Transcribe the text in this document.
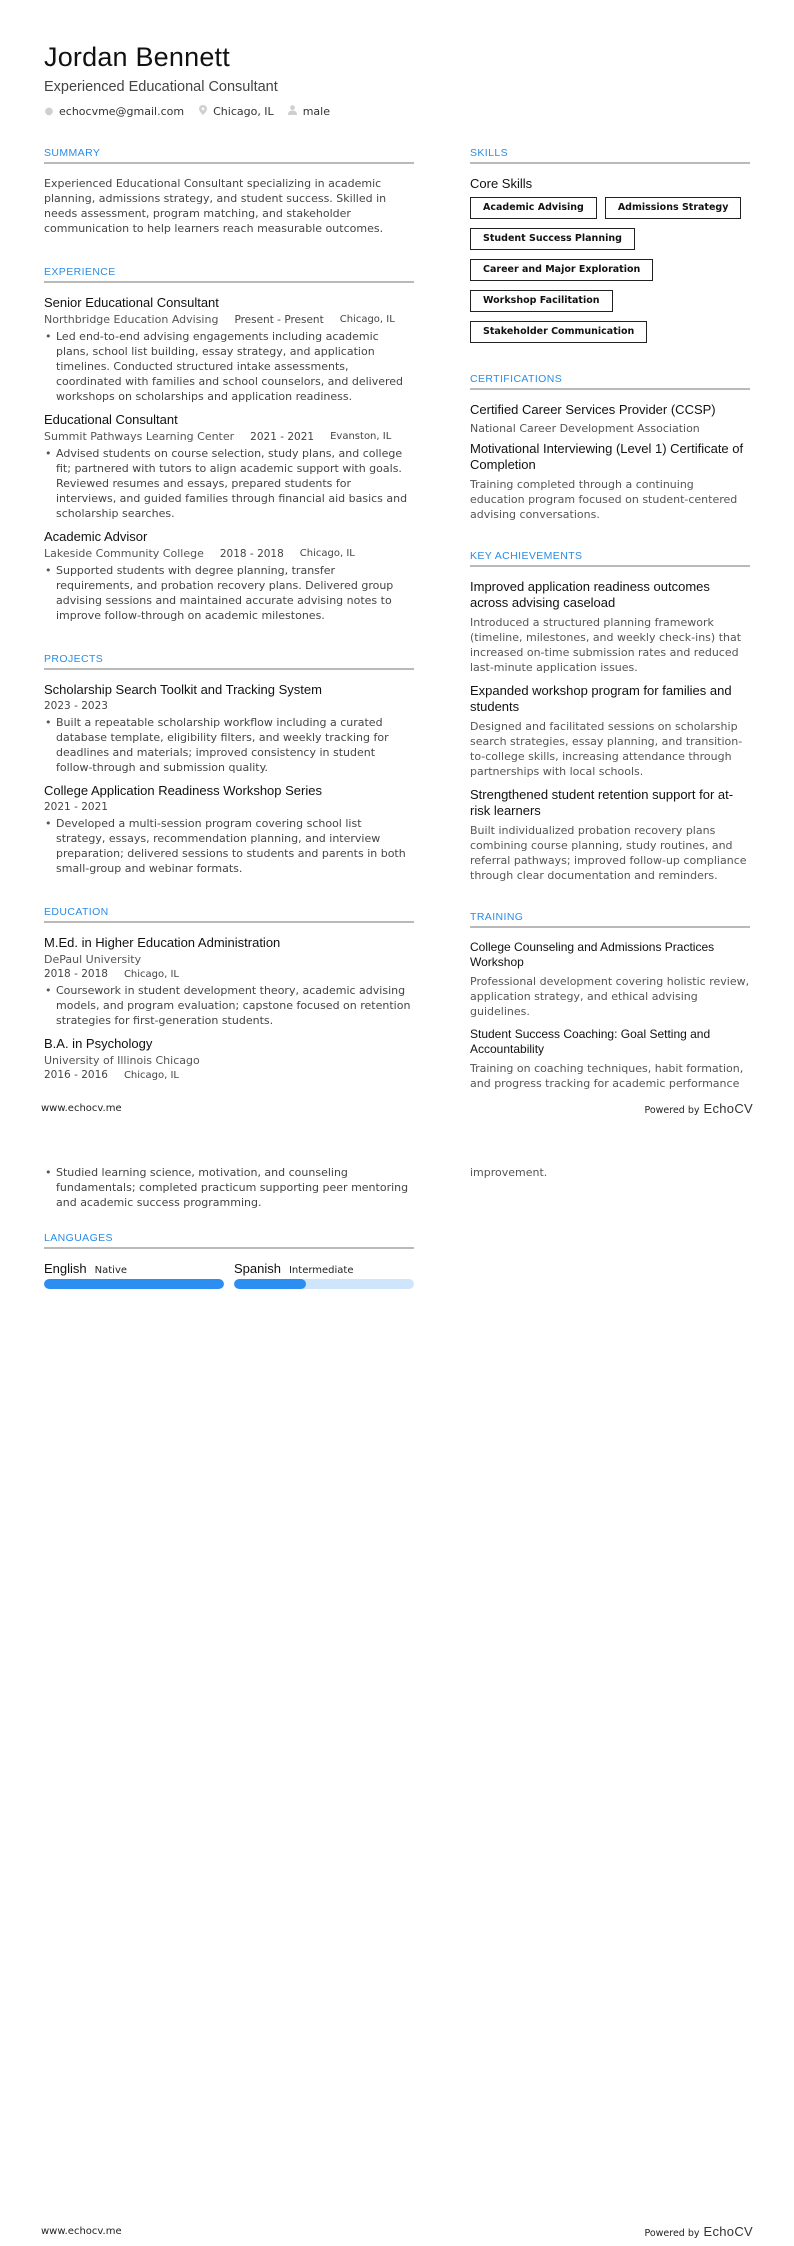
Jordan Bennett
Experienced Educational Consultant
● echocvme@gmail.com	Chicago, IL	male
SUMMARY

Experienced Educational Consultant specializing in academic planning, admissions strategy, and student success. Skilled in needs assessment, program matching, and stakeholder communication to help learners reach measurable outcomes.

EXPERIENCE
Senior Educational Consultant
Northbridge Education Advising Present - Present Chicago, IL
• Led end-to-end advising engagements including academic plans, school list building, essay strategy, and application timelines. Conducted structured intake assessments, coordinated with families and school counselors, and delivered workshops on scholarships and application readiness.
Educational Consultant
Summit Pathways Learning Center 2021 - 2021 Evanston, IL
• Advised students on course selection, study plans, and college fit; partnered with tutors to align academic support with goals. Reviewed resumes and essays, prepared students for interviews, and guided families through financial aid basics and scholarship searches.
Academic Advisor
Lakeside Community College 2018 - 2018 Chicago, IL
• Supported students with degree planning, transfer requirements, and probation recovery plans. Delivered group advising sessions and maintained accurate advising notes to improve follow-through on academic milestones.
PROJECTS
Scholarship Search Toolkit and Tracking System
2023 - 2023
• Built a repeatable scholarship workflow including a curated database template, eligibility filters, and weekly tracking for deadlines and materials; improved consistency in student follow-through and submission quality.
College Application Readiness Workshop Series
2021 - 2021
• Developed a multi-session program covering school list strategy, essays, recommendation planning, and interview preparation; delivered sessions to students and parents in both small-group and webinar formats.
EDUCATION
M.Ed. in Higher Education Administration
DePaul University
2018 - 2018 Chicago, IL
• Coursework in student development theory, academic advising models, and program evaluation; capstone focused on retention strategies for first-generation students.
B.A. in Psychology
University of Illinois Chicago
2016 - 2016 Chicago, IL
SKILLS
Core Skills
Academic Advising	Admissions Strategy
Student Success Planning
Career and Major Exploration
Workshop Facilitation
Stakeholder Communication
CERTIFICATIONS
Certified Career Services Provider (CCSP)
National Career Development Association
Motivational Interviewing (Level 1) Certificate of Completion
Training completed through a continuing education program focused on student-centered advising conversations.
KEY ACHIEVEMENTS
Improved application readiness outcomes across advising caseload
Introduced a structured planning framework (timeline, milestones, and weekly check-ins) that increased on-time submission rates and reduced last-minute application issues.
Expanded workshop program for families and students
Designed and facilitated sessions on scholarship search strategies, essay planning, and transition-to-college skills, increasing attendance through partnerships with local schools.
Strengthened student retention support for at-risk learners
Built individualized probation recovery plans combining course planning, study routines, and referral pathways; improved follow-up compliance through clear documentation and reminders.
TRAINING
College Counseling and Admissions Practices Workshop
Professional development covering holistic review, application strategy, and ethical advising guidelines.
Student Success Coaching: Goal Setting and Accountability
Training on coaching techniques, habit formation, and progress tracking for academic performance
www.echocv.me	Powered by EchoCV
• Studied learning science, motivation, and counseling fundamentals; completed practicum supporting peer mentoring and academic success programming.
LANGUAGES
English Native	Spanish Intermediate
improvement.
www.echocv.me	Powered by EchoCV
